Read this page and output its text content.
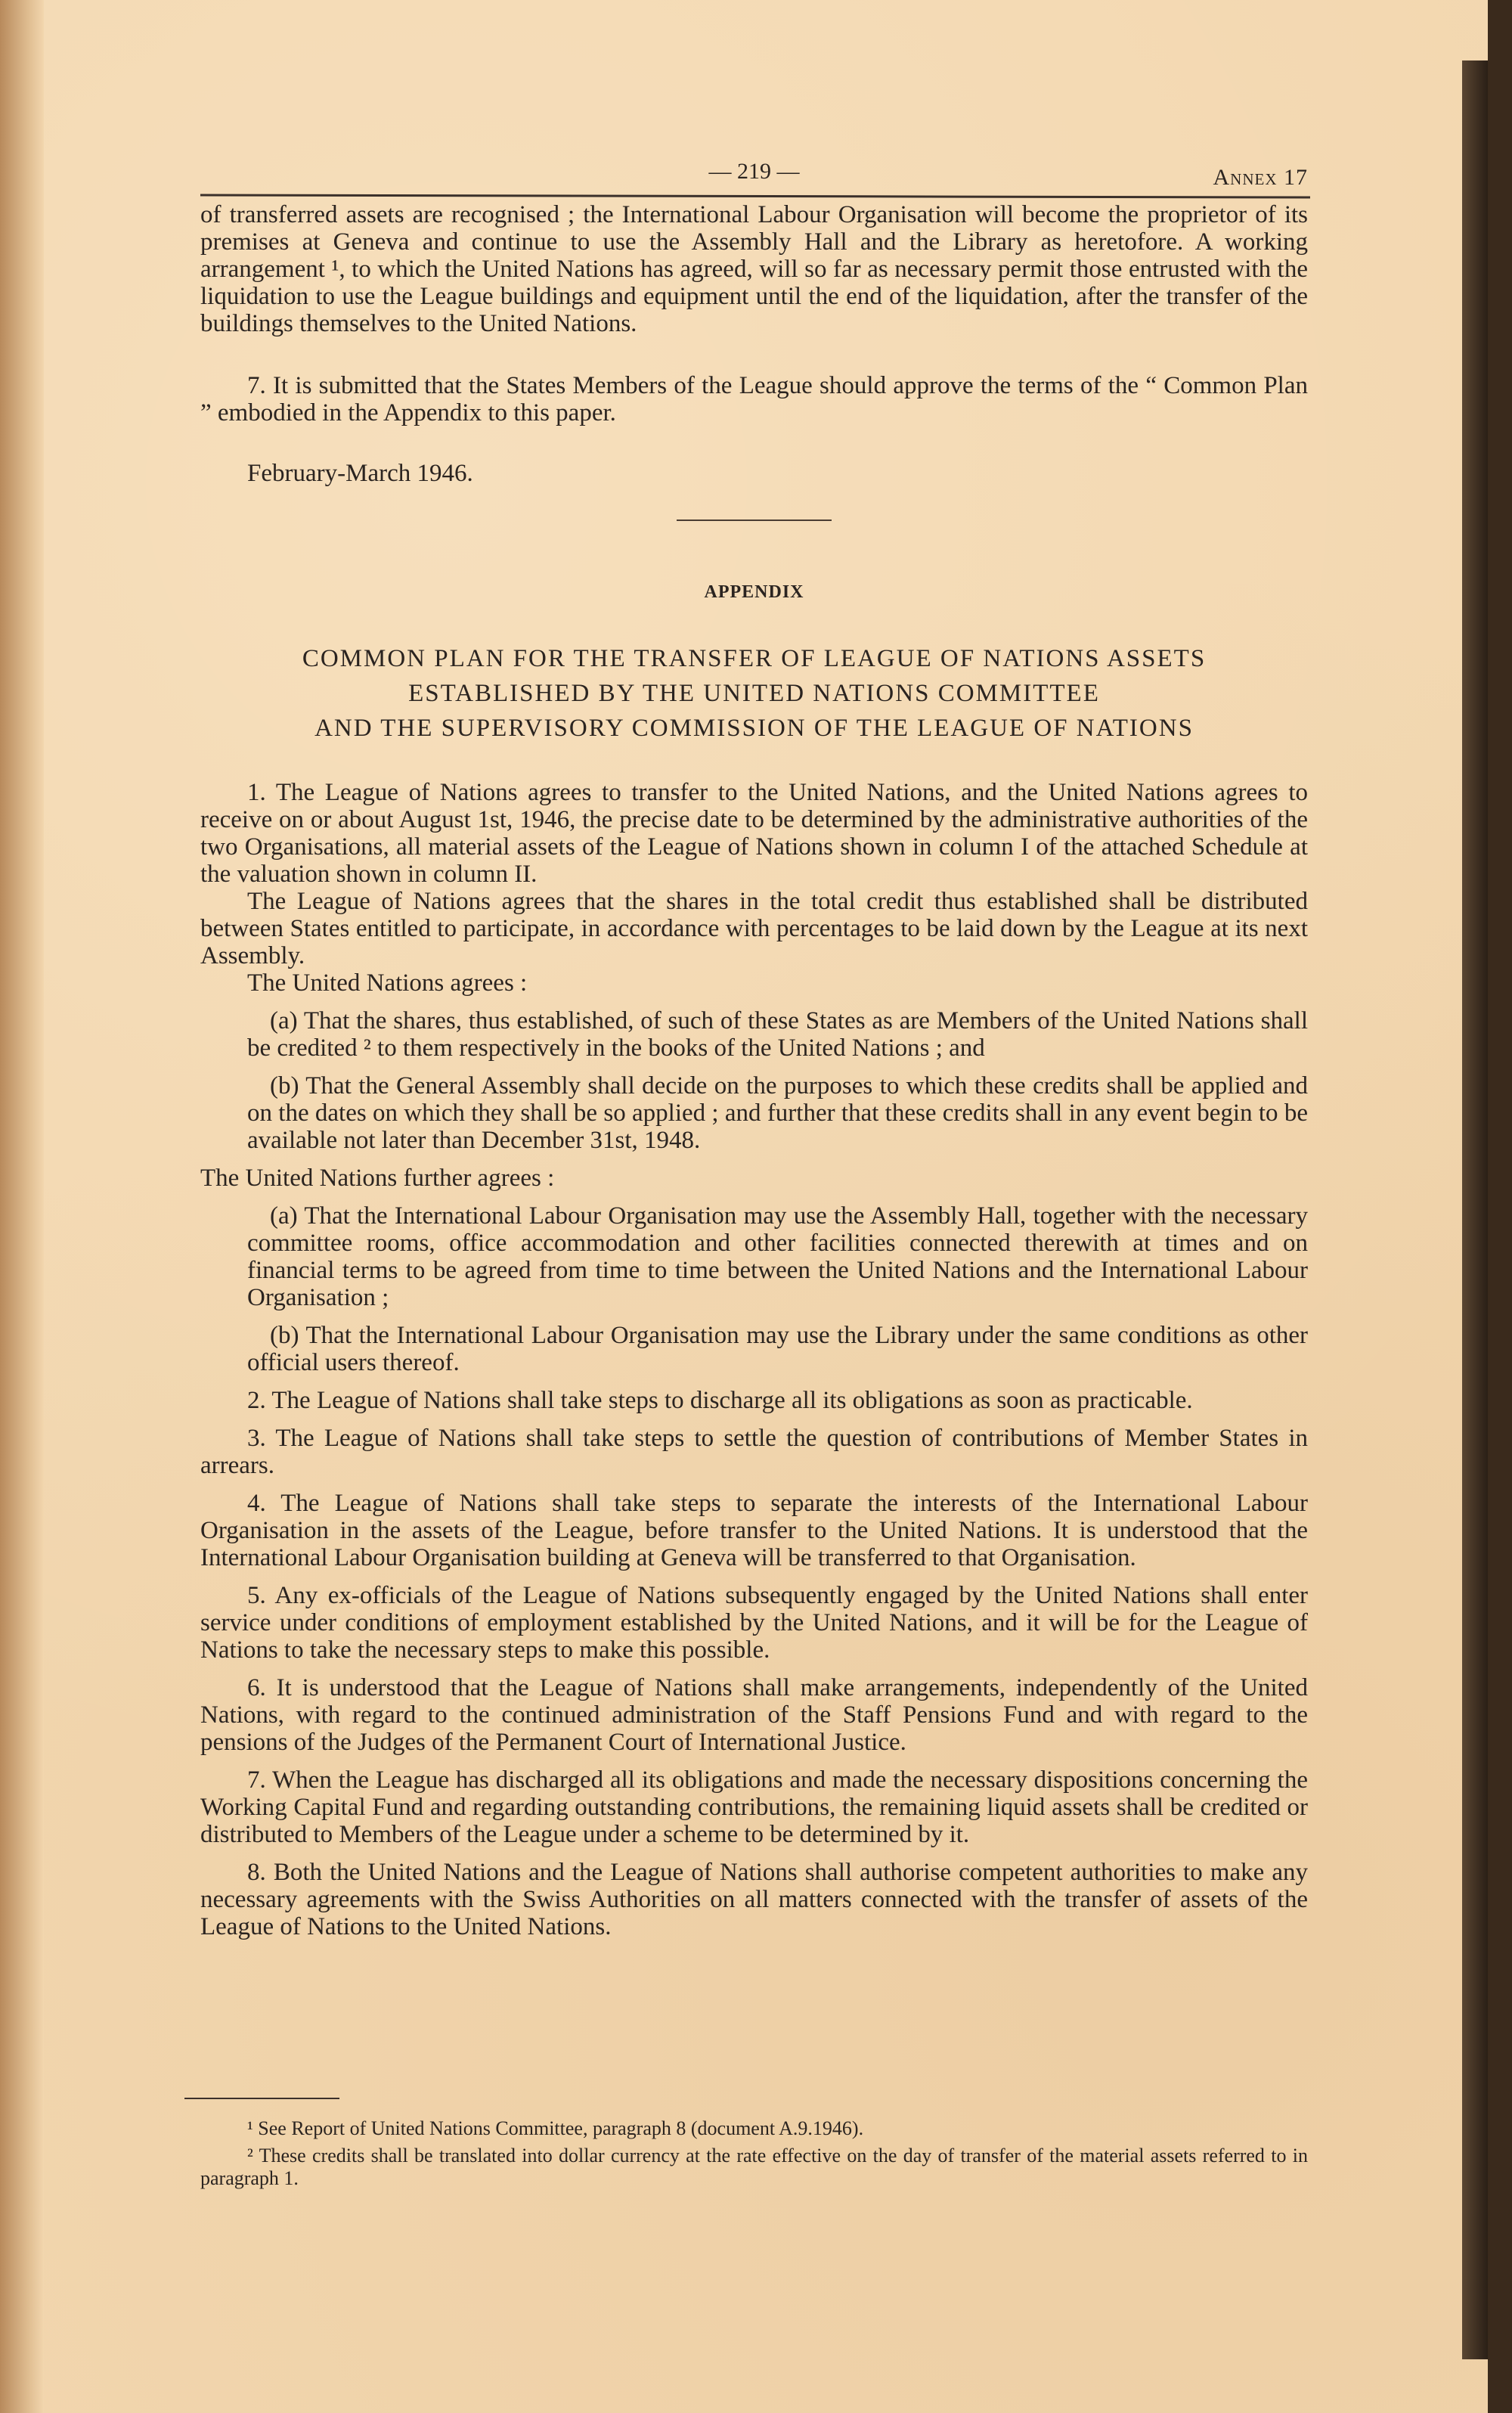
— 219 —	Annex 17

of transferred assets are recognised ; the International Labour Organisation will become the proprietor of its premises at Geneva and continue to use the Assembly Hall and the Library as heretofore. A working arrangement ¹, to which the United Nations has agreed, will so far as necessary permit those entrusted with the liquidation to use the League buildings and equipment until the end of the liquidation, after the transfer of the buildings themselves to the United Nations.

7. It is submitted that the States Members of the League should approve the terms of the “ Common Plan ” embodied in the Appendix to this paper.

February-March 1946.

APPENDIX
COMMON PLAN FOR THE TRANSFER OF LEAGUE OF NATIONS ASSETS
ESTABLISHED BY THE UNITED NATIONS COMMITTEE
AND THE SUPERVISORY COMMISSION OF THE LEAGUE OF NATIONS

1. The League of Nations agrees to transfer to the United Nations, and the United Nations agrees to receive on or about August 1st, 1946, the precise date to be determined by the administrative authorities of the two Organisations, all material assets of the League of Nations shown in column I of the attached Schedule at the valuation shown in column II.

The League of Nations agrees that the shares in the total credit thus established shall be distributed between States entitled to participate, in accordance with percentages to be laid down by the League at its next Assembly.

The United Nations agrees :

(a) That the shares, thus established, of such of these States as are Members of the United Nations shall be credited ² to them respectively in the books of the United Nations ; and

(b) That the General Assembly shall decide on the purposes to which these credits shall be applied and on the dates on which they shall be so applied ; and further that these credits shall in any event begin to be available not later than December 31st, 1948.

The United Nations further agrees :

(a) That the International Labour Organisation may use the Assembly Hall, together with the necessary committee rooms, office accommodation and other facilities connected therewith at times and on financial terms to be agreed from time to time between the United Nations and the International Labour Organisation ;

(b) That the International Labour Organisation may use the Library under the same conditions as other official users thereof.

2. The League of Nations shall take steps to discharge all its obligations as soon as practicable.

3. The League of Nations shall take steps to settle the question of contributions of Member States in arrears.

4. The League of Nations shall take steps to separate the interests of the International Labour Organisation in the assets of the League, before transfer to the United Nations. It is understood that the International Labour Organisation building at Geneva will be transferred to that Organisation.

5. Any ex-officials of the League of Nations subsequently engaged by the United Nations shall enter service under conditions of employment established by the United Nations, and it will be for the League of Nations to take the necessary steps to make this possible.

6. It is understood that the League of Nations shall make arrangements, independently of the United Nations, with regard to the continued administration of the Staff Pensions Fund and with regard to the pensions of the Judges of the Permanent Court of International Justice.

7. When the League has discharged all its obligations and made the necessary dispositions concerning the Working Capital Fund and regarding outstanding contributions, the remaining liquid assets shall be credited or distributed to Members of the League under a scheme to be determined by it.

8. Both the United Nations and the League of Nations shall authorise competent authorities to make any necessary agreements with the Swiss Authorities on all matters connected with the transfer of assets of the League of Nations to the United Nations.

¹ See Report of United Nations Committee, paragraph 8 (document A.9.1946).

² These credits shall be translated into dollar currency at the rate effective on the day of transfer of the material assets referred to in paragraph 1.
